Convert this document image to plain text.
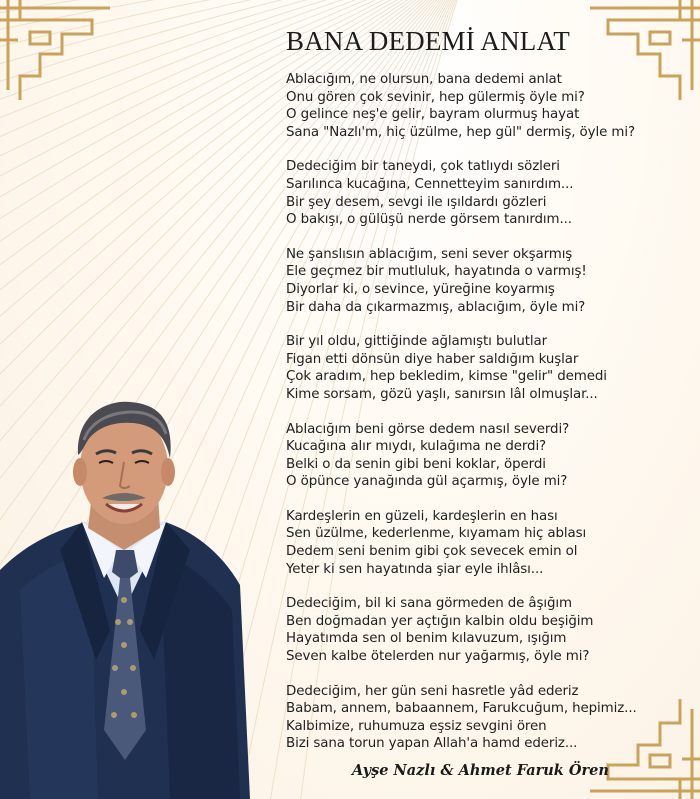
BANA DEDEMİ ANLAT
Ablacığım, ne olursun, bana dedemi anlat
Onu gören çok sevinir, hep gülermiş öyle mi?
O gelince neş'e gelir, bayram olurmuş hayat
Sana "Nazlı'm, hiç üzülme, hep gül" dermiş, öyle mi?
Dedeciğim bir taneydi, çok tatlıydı sözleri
Sarılınca kucağına, Cennetteyim sanırdım...
Bir şey desem, sevgi ile ışıldardı gözleri
O bakışı, o gülüşü nerde görsem tanırdım...
Ne şanslısın ablacığım, seni sever okşarmış
Ele geçmez bir mutluluk, hayatında o varmış!
Diyorlar ki, o sevince, yüreğine koyarmış
Bir daha da çıkarmazmış, ablacığım, öyle mi?
Bir yıl oldu, gittiğinde ağlamıştı bulutlar
Figan etti dönsün diye haber saldığım kuşlar
Çok aradım, hep bekledim, kimse "gelir" demedi
Kime sorsam, gözü yaşlı, sanırsın lâl olmuşlar...
Ablacığım beni görse dedem nasıl severdi?
Kucağına alır mıydı, kulağıma ne derdi?
Belki o da senin gibi beni koklar, öperdi
O öpünce yanağında gül açarmış, öyle mi?
Kardeşlerin en güzeli, kardeşlerin en hası
Sen üzülme, kederlenme, kıyamam hiç ablası
Dedem seni benim gibi çok sevecek emin ol
Yeter ki sen hayatında şiar eyle ihlâsı...
Dedeciğim, bil ki sana görmeden de âşığım
Ben doğmadan yer açtığın kalbin oldu beşiğim
Hayatımda sen ol benim kılavuzum, ışığım
Seven kalbe ötelerden nur yağarmış, öyle mi?
Dedeciğim, her gün seni hasretle yâd ederiz
Babam, annem, babaannem, Farukcuğum, hepimiz...
Kalbimize, ruhumuza eşsiz sevgini ören
Bizi sana torun yapan Allah'a hamd ederiz...
Ayşe Nazlı & Ahmet Faruk Ören
